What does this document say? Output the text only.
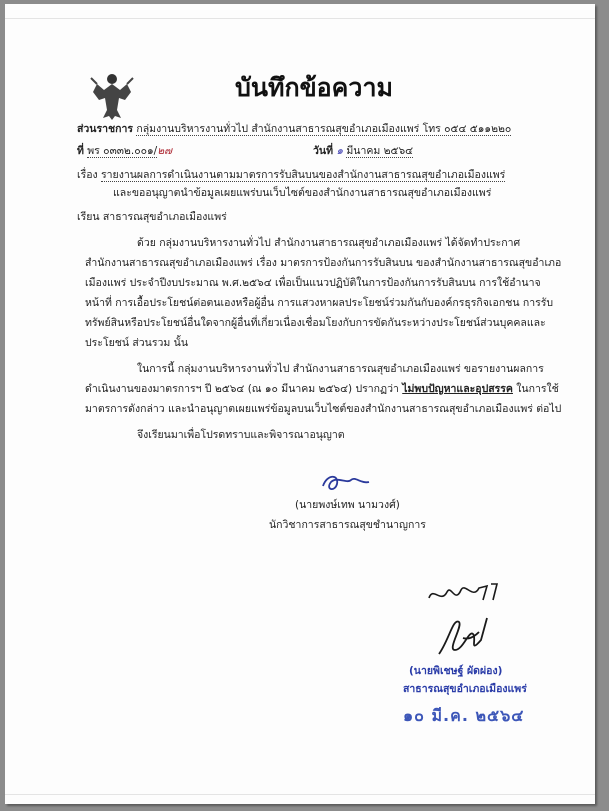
บันทึกข้อความ
ส่วนราชการ กลุ่มงานบริหารงานทั่วไป สำนักงานสาธารณสุขอำเภอเมืองแพร่ โทร ๐๕๔ ๕๑๑๒๒๐
ที่ พร ๐๓๓๒.๐๐๑/๒๗	วันที่ ๑ มีนาคม ๒๕๖๔
เรื่อง รายงานผลการดำเนินงานตามมาตรการรับสินบนของสำนักงานสาธารณสุขอำเภอเมืองแพร่
และขออนุญาตนำข้อมูลเผยแพร่บนเว็บไซต์ของสำนักงานสาธารณสุขอำเภอเมืองแพร่
เรียน สาธารณสุขอำเภอเมืองแพร่
ด้วย กลุ่มงานบริหารงานทั่วไป สำนักงานสาธารณสุขอำเภอเมืองแพร่ ได้จัดทำประกาศ
สำนักงานสาธารณสุขอำเภอเมืองแพร่ เรื่อง มาตรการป้องกันการรับสินบน ของสำนักงานสาธารณสุขอำเภอ
เมืองแพร่ ประจำปีงบประมาณ พ.ศ.๒๕๖๔ เพื่อเป็นแนวปฏิบัติในการป้องกันการรับสินบน การใช้อำนาจ
หน้าที่ การเอื้อประโยชน์ต่อตนเองหรือผู้อื่น การแสวงหาผลประโยชน์ร่วมกันกับองค์กรธุรกิจเอกชน การรับ
ทรัพย์สินหรือประโยชน์อื่นใดจากผู้อื่นที่เกี่ยวเนื่องเชื่อมโยงกับการขัดกันระหว่างประโยชน์ส่วนบุคคลและ
ประโยชน์ ส่วนรวม นั้น
ในการนี้ กลุ่มงานบริหารงานทั่วไป สำนักงานสาธารณสุขอำเภอเมืองแพร่ ขอรายงานผลการ
ดำเนินงานของมาตรการฯ ปี ๒๕๖๔ (ณ ๑๐ มีนาคม ๒๕๖๔) ปรากฏว่า ไม่พบปัญหาและอุปสรรค ในการใช้
มาตรการดังกล่าว และนำอนุญาตเผยแพร่ข้อมูลบนเว็บไซต์ของสำนักงานสาธารณสุขอำเภอเมืองแพร่ ต่อไป
จึงเรียนมาเพื่อโปรดทราบและพิจารณาอนุญาต
(นายพงษ์เทพ นามวงศ์)
นักวิชาการสาธารณสุขชำนาญการ
(นายพิเชษฐ์ ผัดผ่อง)
สาธารณสุขอำเภอเมืองแพร่
๑๐ มี.ค. ๒๕๖๔
